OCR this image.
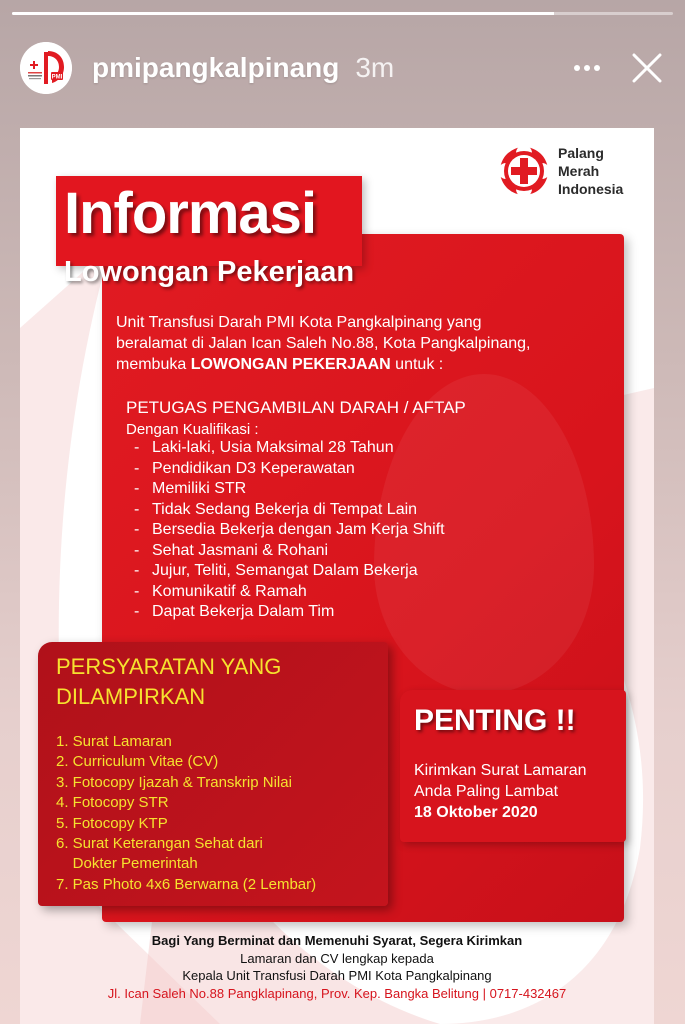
PMI pmipangkalpinang 3m
Palang
Merah
Indonesia
Informasi
Lowongan Pekerjaan
Unit Transfusi Darah PMI Kota Pangkalpinang yang
beralamat di Jalan Ican Saleh No.88, Kota Pangkalpinang,
membuka LOWONGAN PEKERJAAN untuk :
PETUGAS PENGAMBILAN DARAH / AFTAP
Dengan Kualifikasi :
- Laki-laki, Usia Maksimal 28 Tahun
- Pendidikan D3 Keperawatan
- Memiliki STR
- Tidak Sedang Bekerja di Tempat Lain
- Bersedia Bekerja dengan Jam Kerja Shift
- Sehat Jasmani & Rohani
- Jujur, Teliti, Semangat Dalam Bekerja
- Komunikatif & Ramah
- Dapat Bekerja Dalam Tim
PERSYARATAN YANG
DILAMPIRKAN
1. Surat Lamaran
2. Curriculum Vitae (CV)
3. Fotocopy Ijazah & Transkrip Nilai
4. Fotocopy STR
5. Fotocopy KTP
6. Surat Keterangan Sehat dari
Dokter Pemerintah
7. Pas Photo 4x6 Berwarna (2 Lembar)
PENTING !!
Kirimkan Surat Lamaran
Anda Paling Lambat
18 Oktober 2020
Bagi Yang Berminat dan Memenuhi Syarat, Segera Kirimkan
Lamaran dan CV lengkap kepada
Kepala Unit Transfusi Darah PMI Kota Pangkalpinang
Jl. Ican Saleh No.88 Pangklapinang, Prov. Kep. Bangka Belitung | 0717-432467
